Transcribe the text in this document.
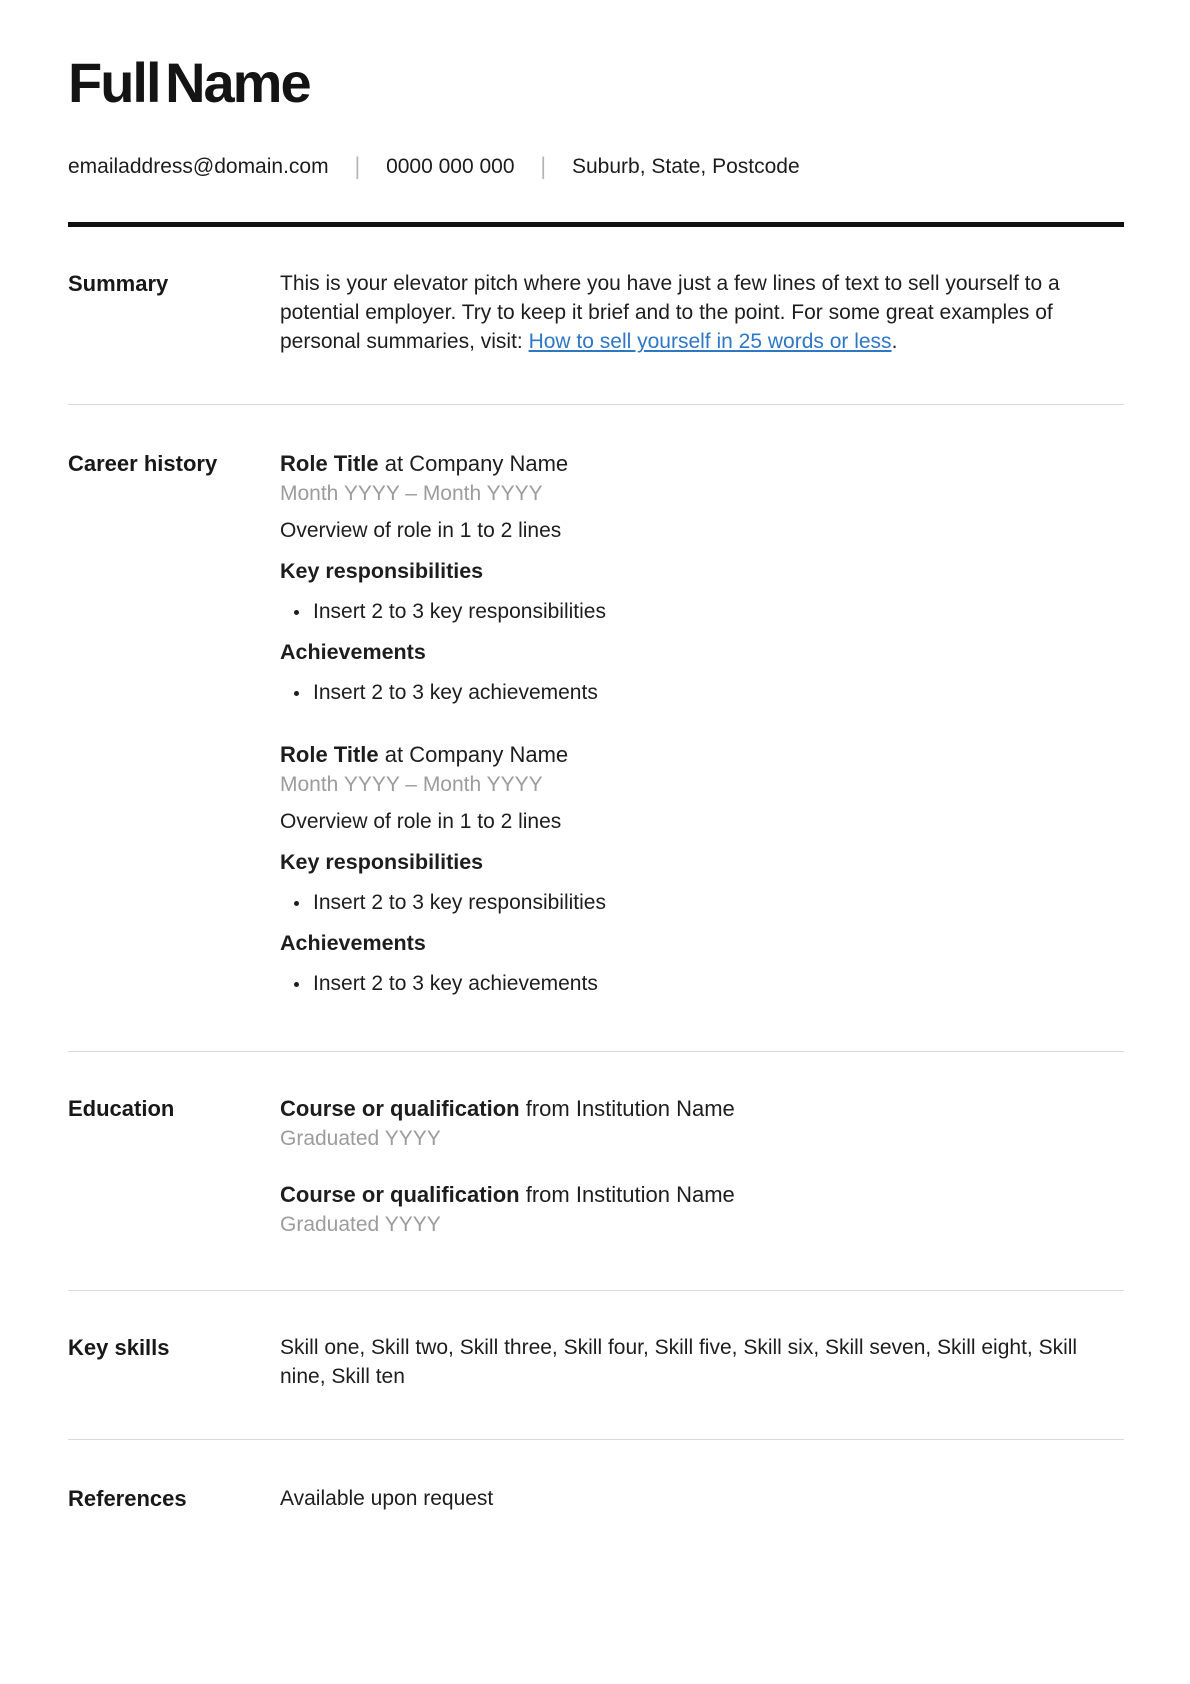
Full Name
emailaddress@domain.com | 0000 000 000 | Suburb, State, Postcode
Summary	This is your elevator pitch where you have just a few lines of text to sell yourself to a potential employer. Try to keep it brief and to the point. For some great examples of personal summaries, visit: How to sell yourself in 25 words or less.

Career history	Role Title at Company Name

Month YYYY – Month YYYY

Overview of role in 1 to 2 lines

Key responsibilities

• Insert 2 to 3 key responsibilities

Achievements

• Insert 2 to 3 key achievements

Role Title at Company Name

Month YYYY – Month YYYY

Overview of role in 1 to 2 lines

Key responsibilities

• Insert 2 to 3 key responsibilities

Achievements

• Insert 2 to 3 key achievements
Education	Course or qualification from Institution Name

Graduated YYYY

Course or qualification from Institution Name

Graduated YYYY

Key skills	Skill one, Skill two, Skill three, Skill four, Skill five, Skill six, Skill seven, Skill eight, Skill nine, Skill ten

References	Available upon request
